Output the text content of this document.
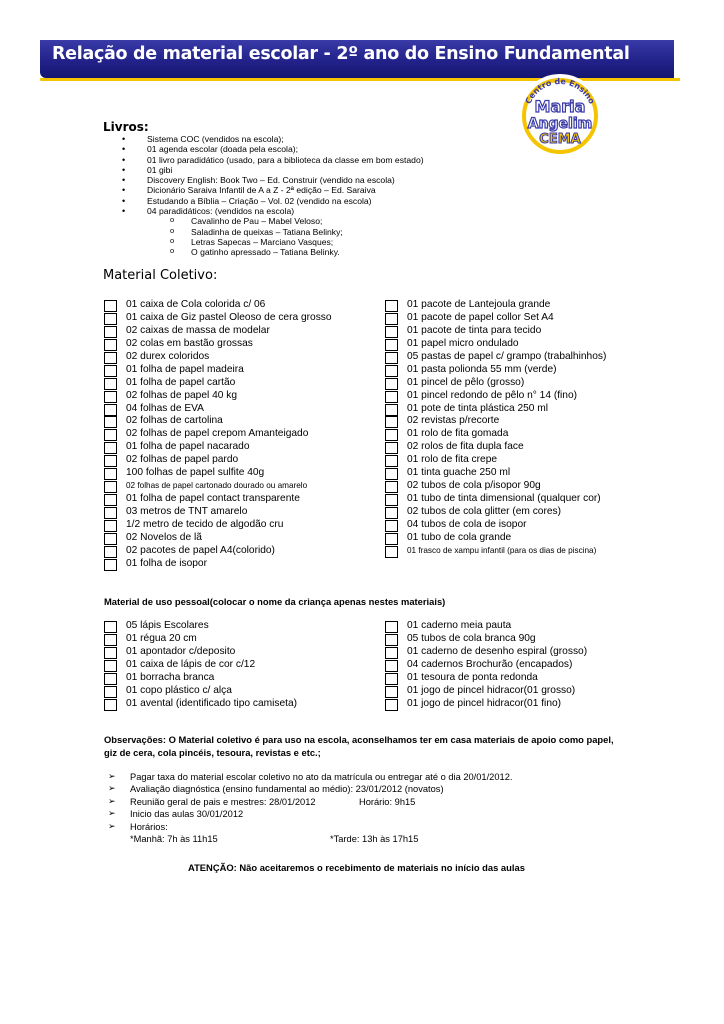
Relação de material escolar - 2º ano do Ensino Fundamental
Centro de Ensino
Maria
Angelim
CEMA
Livros:
• Sistema COC (vendidos na escola);
• 01 agenda escolar (doada pela escola);
• 01 livro paradidático (usado, para a biblioteca da classe em bom estado)
• 01 gibi
• Discovery English: Book Two – Ed. Construir (vendido na escola)
• Dicionário Saraiva Infantil de A a Z - 2ª edição – Ed. Saraiva
• Estudando a Bíblia – Criação – Vol. 02 (vendido na escola)
• 04 paradidáticos: (vendidos na escola)
o Cavalinho de Pau – Mabel Veloso;
o Saladinha de queixas – Tatiana Belinky;
o Letras Sapecas – Marciano Vasques;
o O gatinho apressado – Tatiana Belinky.
Material Coletivo:
01 caixa de Cola colorida c/ 06
01 caixa de Giz pastel Oleoso de cera grosso
02 caixas de massa de modelar
02 colas em bastão grossas
02 durex coloridos
01 folha de papel madeira
01 folha de papel cartão
02 folhas de papel 40 kg
04 folhas de EVA
02 folhas de cartolina
02 folhas de papel crepom Amanteigado
01 folha de papel nacarado
02 folhas de papel pardo
100 folhas de papel sulfite 40g
02 folhas de papel cartonado dourado ou amarelo
01 folha de papel contact transparente
03 metros de TNT amarelo
1/2 metro de tecido de algodão cru
02 Novelos de lã
02 pacotes de papel A4(colorido)
01 folha de isopor
01 pacote de Lantejoula grande
01 pacote de papel collor Set A4
01 pacote de tinta para tecido
01 papel micro ondulado
05 pastas de papel c/ grampo (trabalhinhos)
01 pasta polionda 55 mm (verde)
01 pincel de pêlo (grosso)
01 pincel redondo de pêlo n° 14 (fino)
01 pote de tinta plástica 250 ml
02 revistas p/recorte
01 rolo de fita gomada
02 rolos de fita dupla face
01 rolo de fita crepe
01 tinta guache 250 ml
02 tubos de cola p/isopor 90g
01 tubo de tinta dimensional (qualquer cor)
02 tubos de cola glitter (em cores)
04 tubos de cola de isopor
01 tubo de cola grande
01 frasco de xampu infantil (para os dias de piscina)
Material de uso pessoal(colocar o nome da criança apenas nestes materiais)
05 lápis Escolares
01 régua 20 cm
01 apontador c/deposito
01 caixa de lápis de cor c/12
01 borracha branca
01 copo plástico c/ alça
01 avental (identificado tipo camiseta)
01 caderno meia pauta
05 tubos de cola branca 90g
01 caderno de desenho espiral (grosso)
04 cadernos Brochurão (encapados)
01 tesoura de ponta redonda
01 jogo de pincel hidracor(01 grosso)
01 jogo de pincel hidracor(01 fino)
Observações: O Material coletivo é para uso na escola, aconselhamos ter em casa materiais de apoio como papel, giz de cera, cola pincéis, tesoura, revistas e etc.;
➢ Pagar taxa do material escolar coletivo no ato da matrícula ou entregar até o dia 20/01/2012.
➢ Avaliação diagnóstica (ensino fundamental ao médio): 23/01/2012 (novatos)
➢ Reunião geral de pais e mestres: 28/01/2012	Horário: 9h15
➢ Inicio das aulas 30/01/2012
➢ Horários:
*Manhã: 7h às 11h15	*Tarde: 13h às 17h15
ATENÇÃO: Não aceitaremos o recebimento de materiais no início das aulas
